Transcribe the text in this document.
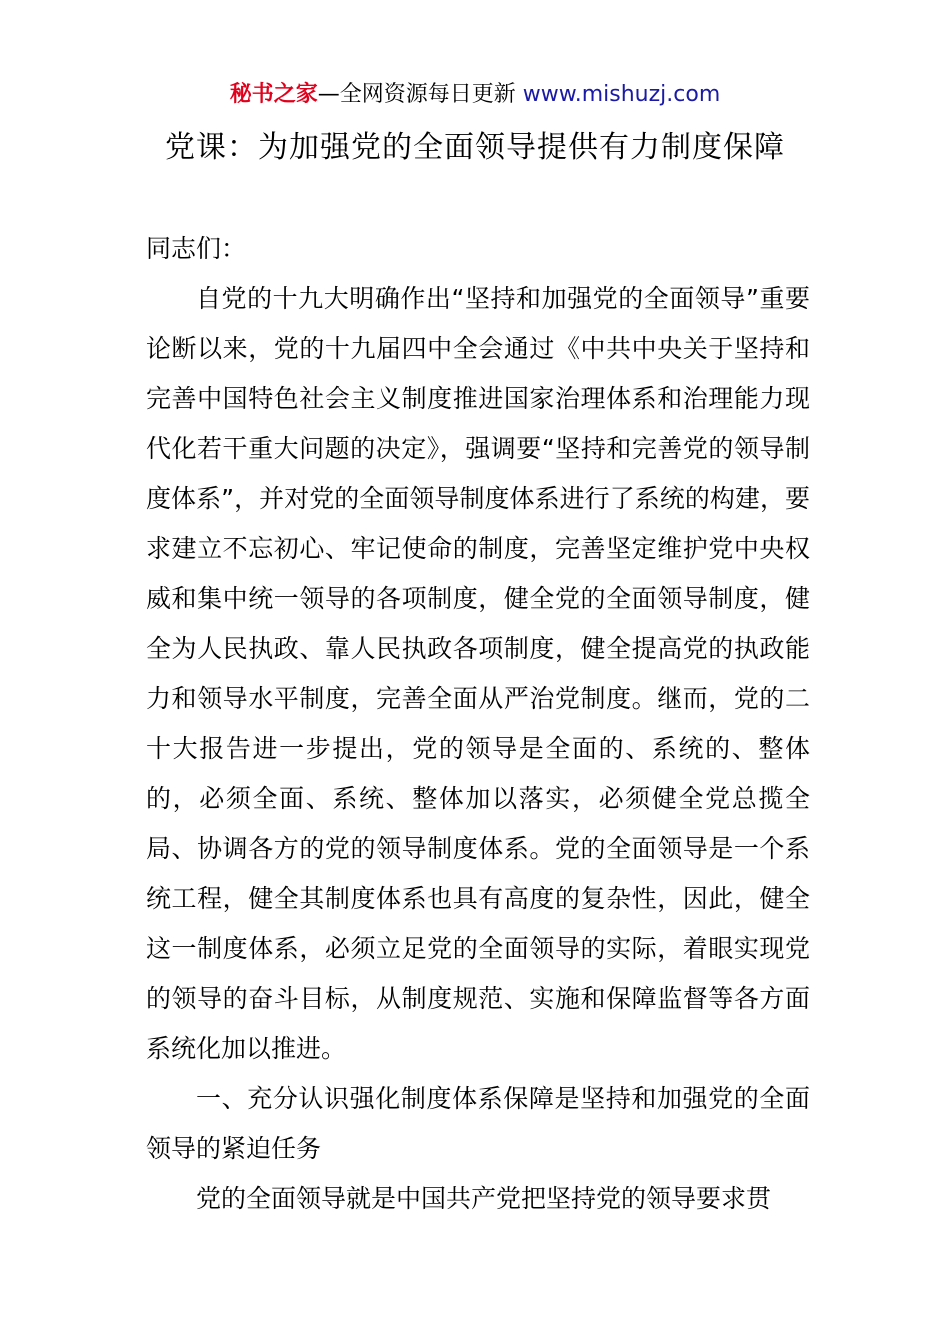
秘书之家—全网资源每日更新 www.mishuzj.com
党课：为加强党的全面领导提供有力制度保障

同志们：

自党的十九大明确作出“坚持和加强党的全面领导”重要论断以来，党的十九届四中全会通过《中共中央关于坚持和完善中国特色社会主义制度推进国家治理体系和治理能力现代化若干重大问题的决定》，强调要“坚持和完善党的领导制度体系”，并对党的全面领导制度体系进行了系统的构建，要求建立不忘初心、牢记使命的制度，完善坚定维护党中央权威和集中统一领导的各项制度，健全党的全面领导制度，健全为人民执政、靠人民执政各项制度，健全提高党的执政能力和领导水平制度，完善全面从严治党制度。继而，党的二十大报告进一步提出，党的领导是全面的、系统的、整体的，必须全面、系统、整体加以落实，必须健全党总揽全局、协调各方的党的领导制度体系。党的全面领导是一个系统工程，健全其制度体系也具有高度的复杂性，因此，健全这一制度体系，必须立足党的全面领导的实际，着眼实现党的领导的奋斗目标，从制度规范、实施和保障监督等各方面系统化加以推进。

一、充分认识强化制度体系保障是坚持和加强党的全面领导的紧迫任务

党的全面领导就是中国共产党把坚持党的领导要求贯
